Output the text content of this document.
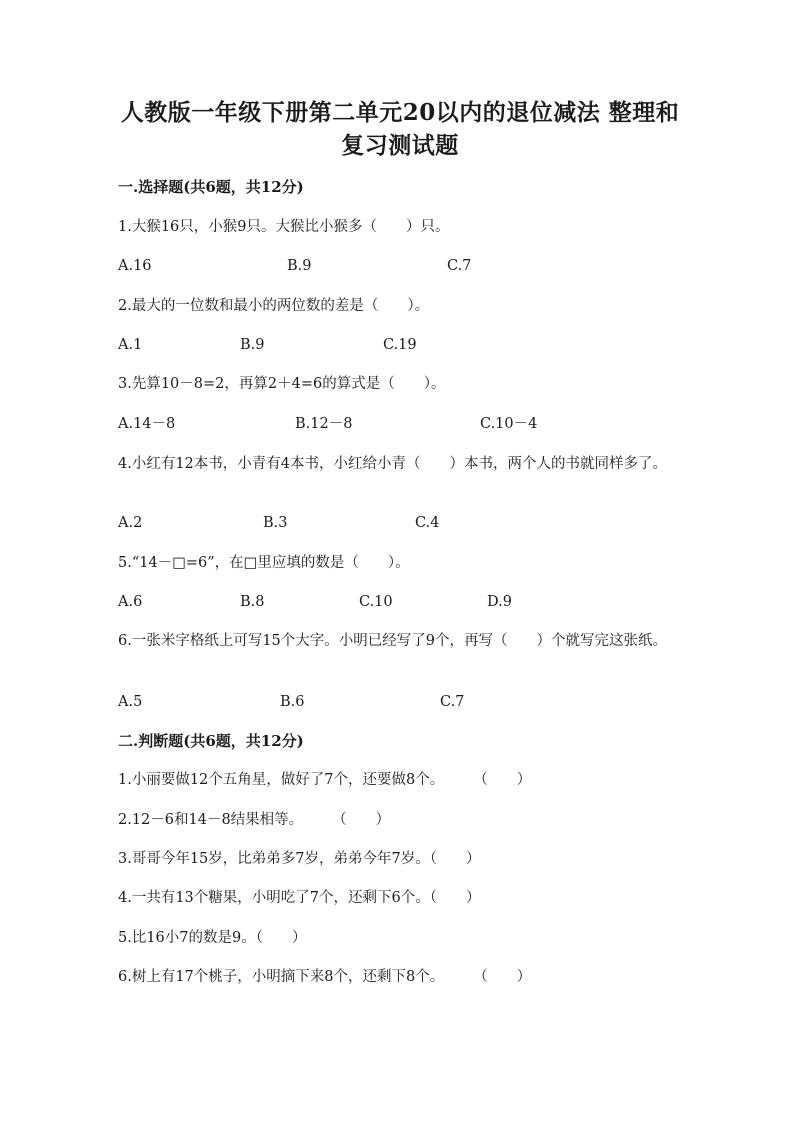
人教版一年级下册第二单元20以内的退位减法 整理和复习测试题
一.选择题(共6题，共12分)
1.大猴16只，小猴9只。大猴比小猴多（　　）只。
A.16	B.9	C.7
2.最大的一位数和最小的两位数的差是（　　）。
A.1	B.9	C.19
3.先算10－8=2，再算2＋4=6的算式是（　　）。
A.14－8	B.12－8	C.10－4
4.小红有12本书，小青有4本书，小红给小青（　　）本书，两个人的书就同样多了。
A.2	B.3	C.4
5.“14－□=6”，在□里应填的数是（　　）。
A.6	B.8	C.10	D.9
6.一张米字格纸上可写15个大字。小明已经写了9个，再写（　　）个就写完这张纸。
A.5	B.6	C.7
二.判断题(共6题，共12分)
1.小丽要做12个五角星，做好了7个，还要做8个。　　　（　　）
2.12－6和14－8结果相等。　　　（　　）
3.哥哥今年15岁，比弟弟多7岁，弟弟今年7岁。（　　）
4.一共有13个糖果，小明吃了7个，还剩下6个。（　　）
5.比16小7的数是9。（　　）
6.树上有17个桃子，小明摘下来8个，还剩下8个。　　　（　　）
